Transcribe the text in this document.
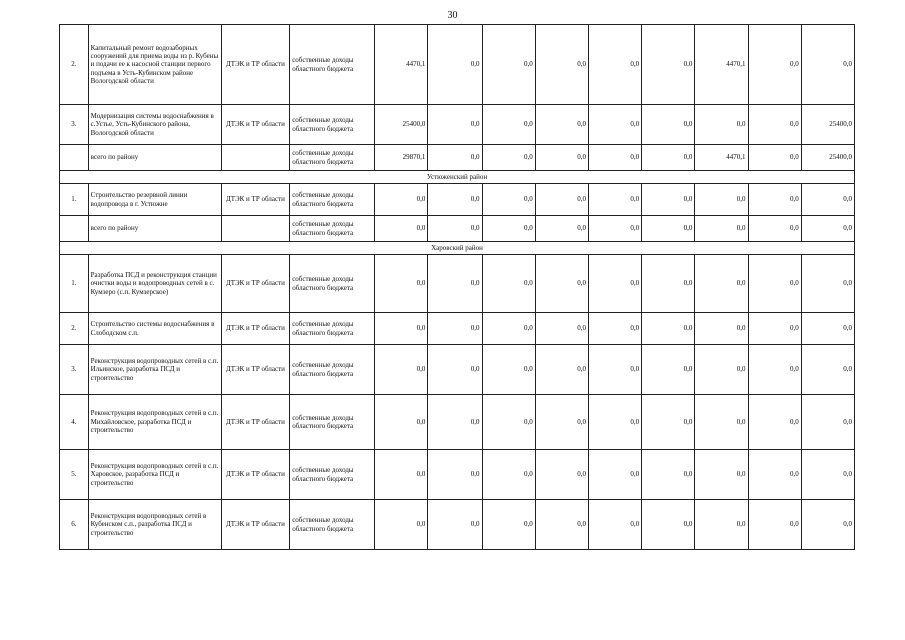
30
2.	Капитальный ремонт водозаборных сооружений для приема воды из р. Кубены и подачи ее к насосной станции первого подъема в Усть-Кубинском районе Вологодской области	ДТЭК и ТР области	собственные доходы областного бюджета	4470,1	0,0	0,0	0,0	0,0	0,0	4470,1	0,0	0,0
3.	Модернизация системы водоснабжения в с.Устье, Усть-Кубинского района, Вологодской области	ДТЭК и ТР области	собственные доходы областного бюджета	25400,0	0,0	0,0	0,0	0,0	0,0	0,0	0,0	25400,0
	всего по району		собственные доходы областного бюджета	29870,1	0,0	0,0	0,0	0,0	0,0	4470,1	0,0	25400,0
Устюженский район												
1.	Строительство резервной линии водопровода в г. Устюжне	ДТЭК и ТР области	собственные доходы областного бюджета	0,0	0,0	0,0	0,0	0,0	0,0	0,0	0,0	0,0
	всего по району		собственные доходы областного бюджета	0,0	0,0	0,0	0,0	0,0	0,0	0,0	0,0	0,0
Харовский район												
1.	Разработка ПСД и реконструкция станции очистки воды и водопроводных сетей в с. Кумзеро (с.п. Кумзерское)	ДТЭК и ТР области	собственные доходы областного бюджета	0,0	0,0	0,0	0,0	0,0	0,0	0,0	0,0	0,0
2.	Строительство системы водоснабжения в Слободском с.п.	ДТЭК и ТР области	собственные доходы областного бюджета	0,0	0,0	0,0	0,0	0,0	0,0	0,0	0,0	0,0
3.	Реконструкция водопроводных сетей в с.п. Ильинское, разработка ПСД и строительство	ДТЭК и ТР области	собственные доходы областного бюджета	0,0	0,0	0,0	0,0	0,0	0,0	0,0	0,0	0,0
4.	Реконструкция водопроводных сетей в с.п. Михайловское, разработка ПСД и строительство	ДТЭК и ТР области	собственные доходы областного бюджета	0,0	0,0	0,0	0,0	0,0	0,0	0,0	0,0	0,0
5.	Реконструкция водопроводных сетей в с.п. Харовское, разработка ПСД и строительство	ДТЭК и ТР области	собственные доходы областного бюджета	0,0	0,0	0,0	0,0	0,0	0,0	0,0	0,0	0,0
6.	Реконструкция водопроводных сетей в Кубенском с.п., разработка ПСД и строительство	ДТЭК и ТР области	собственные доходы областного бюджета	0,0	0,0	0,0	0,0	0,0	0,0	0,0	0,0	0,0
